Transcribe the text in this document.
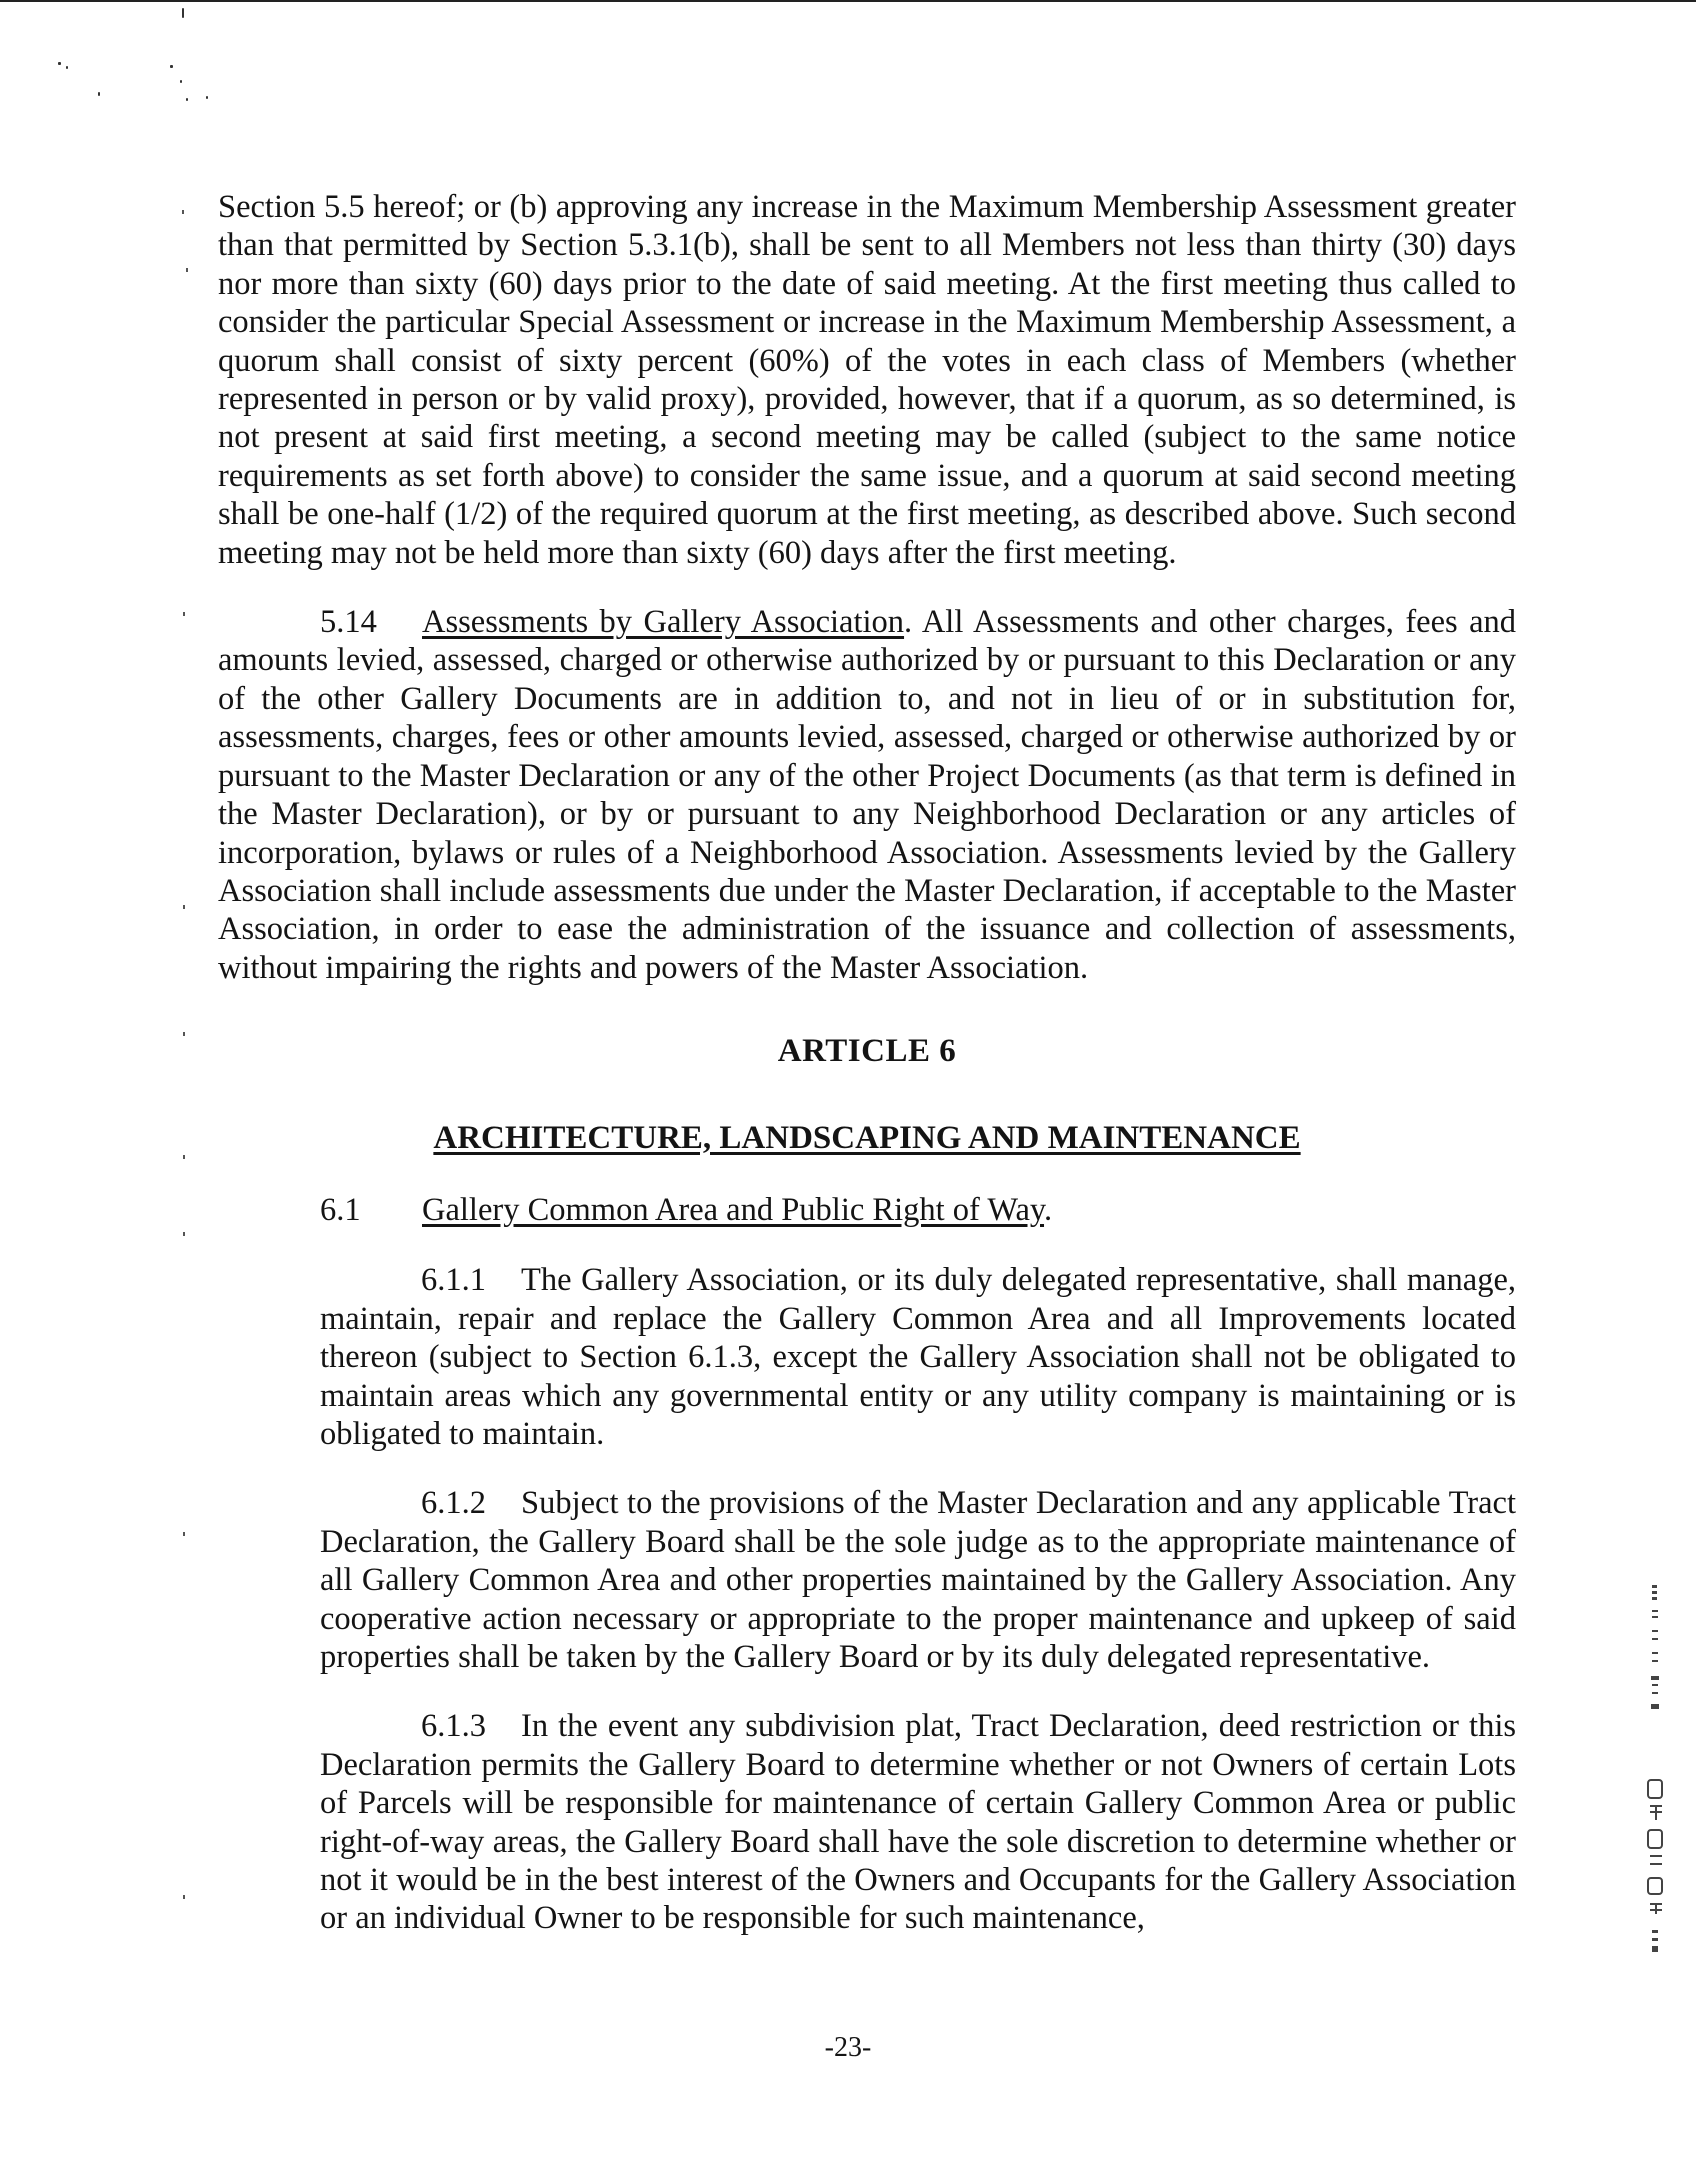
Section 5.5 hereof; or (b) approving any increase in the Maximum Membership Assessment greater than that permitted by Section 5.3.1(b), shall be sent to all Members not less than thirty (30) days nor more than sixty (60) days prior to the date of said meeting. At the first meeting thus called to consider the particular Special Assessment or increase in the Maximum Membership Assessment, a quorum shall consist of sixty percent (60%) of the votes in each class of Members (whether represented in person or by valid proxy), provided, however, that if a quorum, as so determined, is not present at said first meeting, a second meeting may be called (subject to the same notice requirements as set forth above) to consider the same issue, and a quorum at said second meeting shall be one-half (1/2) of the required quorum at the first meeting, as described above. Such second meeting may not be held more than sixty (60) days after the first meeting.

5.14 Assessments by Gallery Association. All Assessments and other charges, fees and amounts levied, assessed, charged or otherwise authorized by or pursuant to this Declaration or any of the other Gallery Documents are in addition to, and not in lieu of or in substitution for, assessments, charges, fees or other amounts levied, assessed, charged or otherwise authorized by or pursuant to the Master Declaration or any of the other Project Documents (as that term is defined in the Master Declaration), or by or pursuant to any Neighborhood Declaration or any articles of incorporation, bylaws or rules of a Neighborhood Association. Assessments levied by the Gallery Association shall include assessments due under the Master Declaration, if acceptable to the Master Association, in order to ease the administration of the issuance and collection of assessments, without impairing the rights and powers of the Master Association.

ARTICLE 6
ARCHITECTURE, LANDSCAPING AND MAINTENANCE
6.1 Gallery Common Area and Public Right of Way.

6.1.1 The Gallery Association, or its duly delegated representative, shall manage, maintain, repair and replace the Gallery Common Area and all Improvements located thereon (subject to Section 6.1.3, except the Gallery Association shall not be obligated to maintain areas which any governmental entity or any utility company is maintaining or is obligated to maintain.

6.1.2 Subject to the provisions of the Master Declaration and any applicable Tract Declaration, the Gallery Board shall be the sole judge as to the appropriate maintenance of all Gallery Common Area and other properties maintained by the Gallery Association. Any cooperative action necessary or appropriate to the proper maintenance and upkeep of said properties shall be taken by the Gallery Board or by its duly delegated representative.

6.1.3 In the event any subdivision plat, Tract Declaration, deed restriction or this Declaration permits the Gallery Board to determine whether or not Owners of certain Lots of Parcels will be responsible for maintenance of certain Gallery Common Area or public right-of-way areas, the Gallery Board shall have the sole discretion to determine whether or not it would be in the best interest of the Owners and Occupants for the Gallery Association or an individual Owner to be responsible for such maintenance,

-23-
